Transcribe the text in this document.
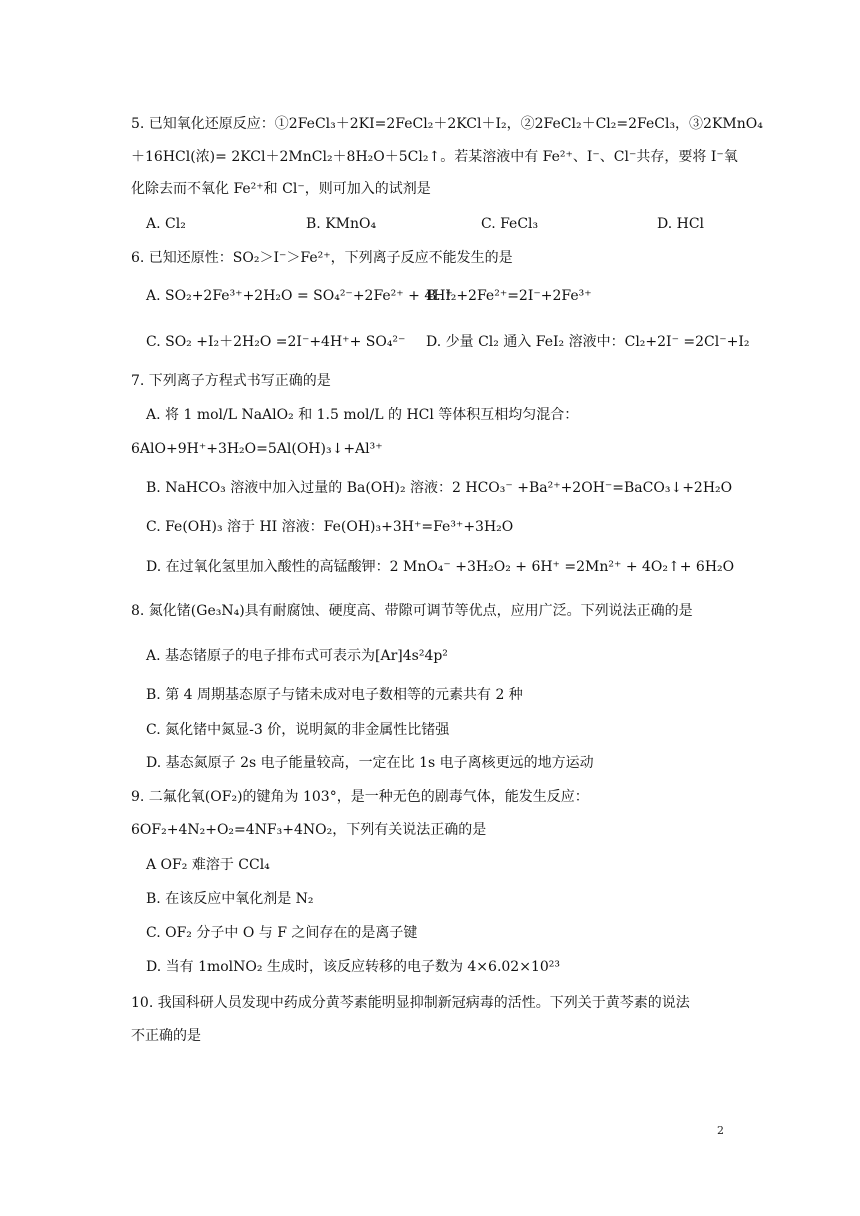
5. 已知氧化还原反应：①2FeCl₃＋2KI=2FeCl₂＋2KCl＋I₂，②2FeCl₂＋Cl₂=2FeCl₃，③2KMnO₄
＋16HCl(浓)= 2KCl＋2MnCl₂＋8H₂O＋5Cl₂↑。若某溶液中有 Fe²⁺、I⁻、Cl⁻共存，要将 I⁻氧
化除去而不氧化 Fe²⁺和 Cl⁻，则可加入的试剂是
A. Cl₂	B. KMnO₄	C. FeCl₃	D. HCl
6. 已知还原性：SO₂＞I⁻＞Fe²⁺，下列离子反应不能发生的是
A. SO₂+2Fe³⁺+2H₂O = SO₄²⁻+2Fe²⁺ + 4H⁺
B. I₂+2Fe²⁺=2I⁻+2Fe³⁺
C. SO₂ +I₂＋2H₂O =2I⁻+4H⁺+ SO₄²⁻ D. 少量 Cl₂ 通入 FeI₂ 溶液中：Cl₂+2I⁻ =2Cl⁻+I₂
7. 下列离子方程式书写正确的是
A. 将 1 mol/L NaAlO₂ 和 1.5 mol/L 的 HCl 等体积互相均匀混合：
6AlO+9H⁺+3H₂O=5Al(OH)₃↓+Al³⁺
B. NaHCO₃ 溶液中加入过量的 Ba(OH)₂ 溶液：2 HCO₃⁻ +Ba²⁺+2OH⁻=BaCO₃↓+2H₂O
C. Fe(OH)₃ 溶于 HI 溶液：Fe(OH)₃+3H⁺=Fe³⁺+3H₂O
D. 在过氧化氢里加入酸性的高锰酸钾：2 MnO₄⁻ +3H₂O₂ + 6H⁺ =2Mn²⁺ + 4O₂↑+ 6H₂O
8. 氮化锗(Ge₃N₄)具有耐腐蚀、硬度高、带隙可调节等优点，应用广泛。下列说法正确的是
A. 基态锗原子的电子排布式可表示为[Ar]4s²4p²
B. 第 4 周期基态原子与锗未成对电子数相等的元素共有 2 种
C. 氮化锗中氮显-3 价，说明氮的非金属性比锗强
D. 基态氮原子 2s 电子能量较高，一定在比 1s 电子离核更远的地方运动
9. 二氟化氧(OF₂)的键角为 103°，是一种无色的剧毒气体，能发生反应：
6OF₂+4N₂+O₂=4NF₃+4NO₂，下列有关说法正确的是
A OF₂ 难溶于 CCl₄
B. 在该反应中氧化剂是 N₂
C. OF₂ 分子中 O 与 F 之间存在的是离子键
D. 当有 1molNO₂ 生成时，该反应转移的电子数为 4×6.02×10²³
10. 我国科研人员发现中药成分黄芩素能明显抑制新冠病毒的活性。下列关于黄芩素的说法
不正确的是
2
